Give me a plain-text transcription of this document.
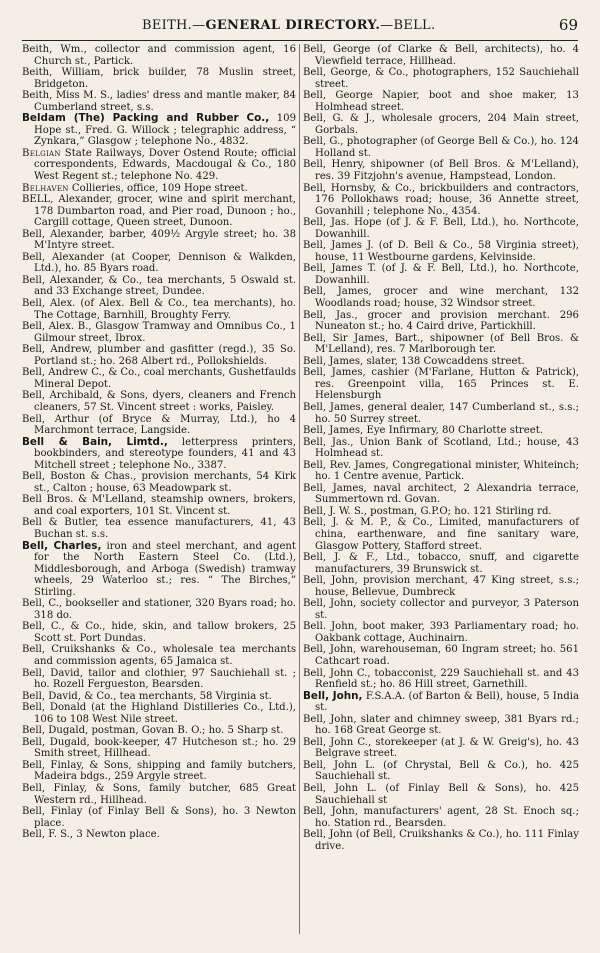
BEITH.—GENERAL DIRECTORY.—BELL.	69

Beith, Wm., collector and commission agent, 16 Church st., Partick.

Beith, William, brick builder, 78 Muslin street, Bridgeton.

Beith, Miss M. S., ladies' dress and mantle maker, 84 Cumberland street, s.s.

Beldam (The) Packing and Rubber Co., 109 Hope st., Fred. G. Willock ; telegraphic address, “ Zynkara,” Glasgow ; telephone No., 4832.

Belgian State Railways, Dover Ostend Route; official correspondents, Edwards, Macdougal & Co., 180 West Regent st.; telephone No. 429.

Belhaven Collieries, office, 109 Hope street.

BELL, Alexander, grocer, wine and spirit merchant, 178 Dumbarton road, and Pier road, Dunoon ; ho., Cargill cottage, Queen street, Dunoon.

Bell, Alexander, barber, 409½ Argyle street; ho. 38 M'Intyre street.

Bell, Alexander (at Cooper, Dennison & Walkden, Ltd.), ho. 85 Byars road.

Bell, Alexander, & Co., tea merchants, 5 Oswald st. and 33 Exchange street, Dundee.

Bell, Alex. (of Alex. Bell & Co., tea merchants), ho. The Cottage, Barnhill, Broughty Ferry.

Bell, Alex. B., Glasgow Tramway and Omnibus Co., 1 Gilmour street, Ibrox.

Bell, Andrew, plumber and gasfitter (regd.), 35 So. Portland st.; ho. 268 Albert rd., Pollokshields.

Bell, Andrew C., & Co., coal merchants, Gushetfaulds Mineral Depot.

Bell, Archibald, & Sons, dyers, cleaners and French cleaners, 57 St. Vincent street : works, Paisley.

Bell, Arthur (of Bryce & Murray, Ltd.), ho 4 Marchmont terrace, Langside.

Bell & Bain, Limtd., letterpress printers, bookbinders, and stereotype founders, 41 and 43 Mitchell street ; telephone No., 3387.

Bell, Boston & Chas., provision merchants, 54 Kirk st., Calton ; house, 63 Meadowpark st.

Bell Bros. & M'Lelland, steamship owners, brokers, and coal exporters, 101 St. Vincent st.

Bell & Butler, tea essence manufacturers, 41, 43 Buchan st. s.s.

Bell, Charles, iron and steel merchant, and agent for the North Eastern Steel Co. (Ltd.), Middlesborough, and Arboga (Swedish) tramway wheels, 29 Waterloo st.; res. “ The Birches,” Stirling.

Bell, C., bookseller and stationer, 320 Byars road; ho. 318 do.

Bell, C., & Co., hide, skin, and tallow brokers, 25 Scott st. Port Dundas.

Bell, Cruikshanks & Co., wholesale tea merchants and commission agents, 65 Jamaica st.

Bell, David, tailor and clothier, 97 Sauchiehall st. ; ho. Rozell Fergueston, Bearsden.

Bell, David, & Co., tea merchants, 58 Virginia st.

Bell, Donald (at the Highland Distilleries Co., Ltd.), 106 to 108 West Nile street.

Bell, Dugald, postman, Govan B. O.; ho. 5 Sharp st.

Bell, Dugald, book-keeper, 47 Hutcheson st.; ho. 29 Smith street, Hillhead.

Bell, Finlay, & Sons, shipping and family butchers, Madeira bdgs., 259 Argyle street.

Bell, Finlay, & Sons, family butcher, 685 Great Western rd., Hillhead.

Bell, Finlay (of Finlay Bell & Sons), ho. 3 Newton place.

Bell, F. S., 3 Newton place.

Bell, George (of Clarke & Bell, architects), ho. 4 Viewfield terrace, Hillhead.

Bell, George, & Co., photographers, 152 Sauchiehall street.

Bell, George Napier, boot and shoe maker, 13 Holmhead street.

Bell, G. & J., wholesale grocers, 204 Main street, Gorbals.

Bell, G., photographer (of George Bell & Co.), ho. 124 Holland st.

Bell, Henry, shipowner (of Bell Bros. & M'Lelland), res. 39 Fitzjohn's avenue, Hampstead, London.

Bell, Hornsby, & Co., brickbuilders and contractors, 176 Pollokhaws road; house, 36 Annette street, Govanhill ; telephone No., 4354.

Bell, Jas. Hope (of J. & F. Bell, Ltd.), ho. Northcote, Dowanhill.

Bell, James J. (of D. Bell & Co., 58 Virginia street), house, 11 Westbourne gardens, Kelvinside.

Bell, James T. (of J. & F. Bell, Ltd.), ho. Northcote, Dowanhill.

Bell, James, grocer and wine merchant, 132 Woodlands road; house, 32 Windsor street.

Bell, Jas., grocer and provision merchant. 296 Nuneaton st.; ho. 4 Caird drive, Partickhill.

Bell, Sir James, Bart., shipowner (of Bell Bros. & M'Lelland), res. 7 Marlborough ter.

Bell, James, slater, 138 Cowcaddens street.

Bell, James, cashier (M'Farlane, Hutton & Patrick), res. Greenpoint villa, 165 Princes st. E. Helensburgh

Bell, James, general dealer, 147 Cumberland st., s.s.; ho. 50 Surrey street.

Bell, James, Eye Infirmary, 80 Charlotte street.

Bell, Jas., Union Bank of Scotland, Ltd.; house, 43 Holmhead st.

Bell, Rev. James, Congregational minister, Whiteinch; ho. 1 Centre avenue, Partick.

Bell, James, naval architect, 2 Alexandria terrace, Summertown rd. Govan.

Bell, J. W. S., postman, G.P.O; ho. 121 Stirling rd.

Bell, J. & M. P., & Co., Limited, manufacturers of china, earthenware, and fine sanitary ware, Glasgow Pottery, Stafford street.

Bell, J. & F., Ltd., tobacco, snuff, and cigarette manufacturers, 39 Brunswick st.

Bell, John, provision merchant, 47 King street, s.s.; house, Bellevue, Dumbreck

Bell, John, society collector and purveyor, 3 Paterson st.

Bell. John, boot maker, 393 Parliamentary road; ho. Oakbank cottage, Auchinairn.

Bell, John, warehouseman, 60 Ingram street; ho. 561 Cathcart road.

Bell, John C., tobacconist, 229 Sauchiehall st. and 43 Renfield st.; ho. 86 Hill street, Garnethill.

Bell, John, F.S.A.A. (of Barton & Bell), house, 5 India st.

Bell, John, slater and chimney sweep, 381 Byars rd.; ho. 168 Great George st.

Bell, John C., storekeeper (at J. & W. Greig's), ho. 43 Belgrave street.

Bell, John L. (of Chrystal, Bell & Co.), ho. 425 Sauchiehall st.

Bell, John L. (of Finlay Bell & Sons), ho. 425 Sauchiehall st

Bell, John, manufacturers' agent, 28 St. Enoch sq.; ho. Station rd., Bearsden.

Bell, John (of Bell, Cruikshanks & Co.), ho. 111 Finlay drive.
